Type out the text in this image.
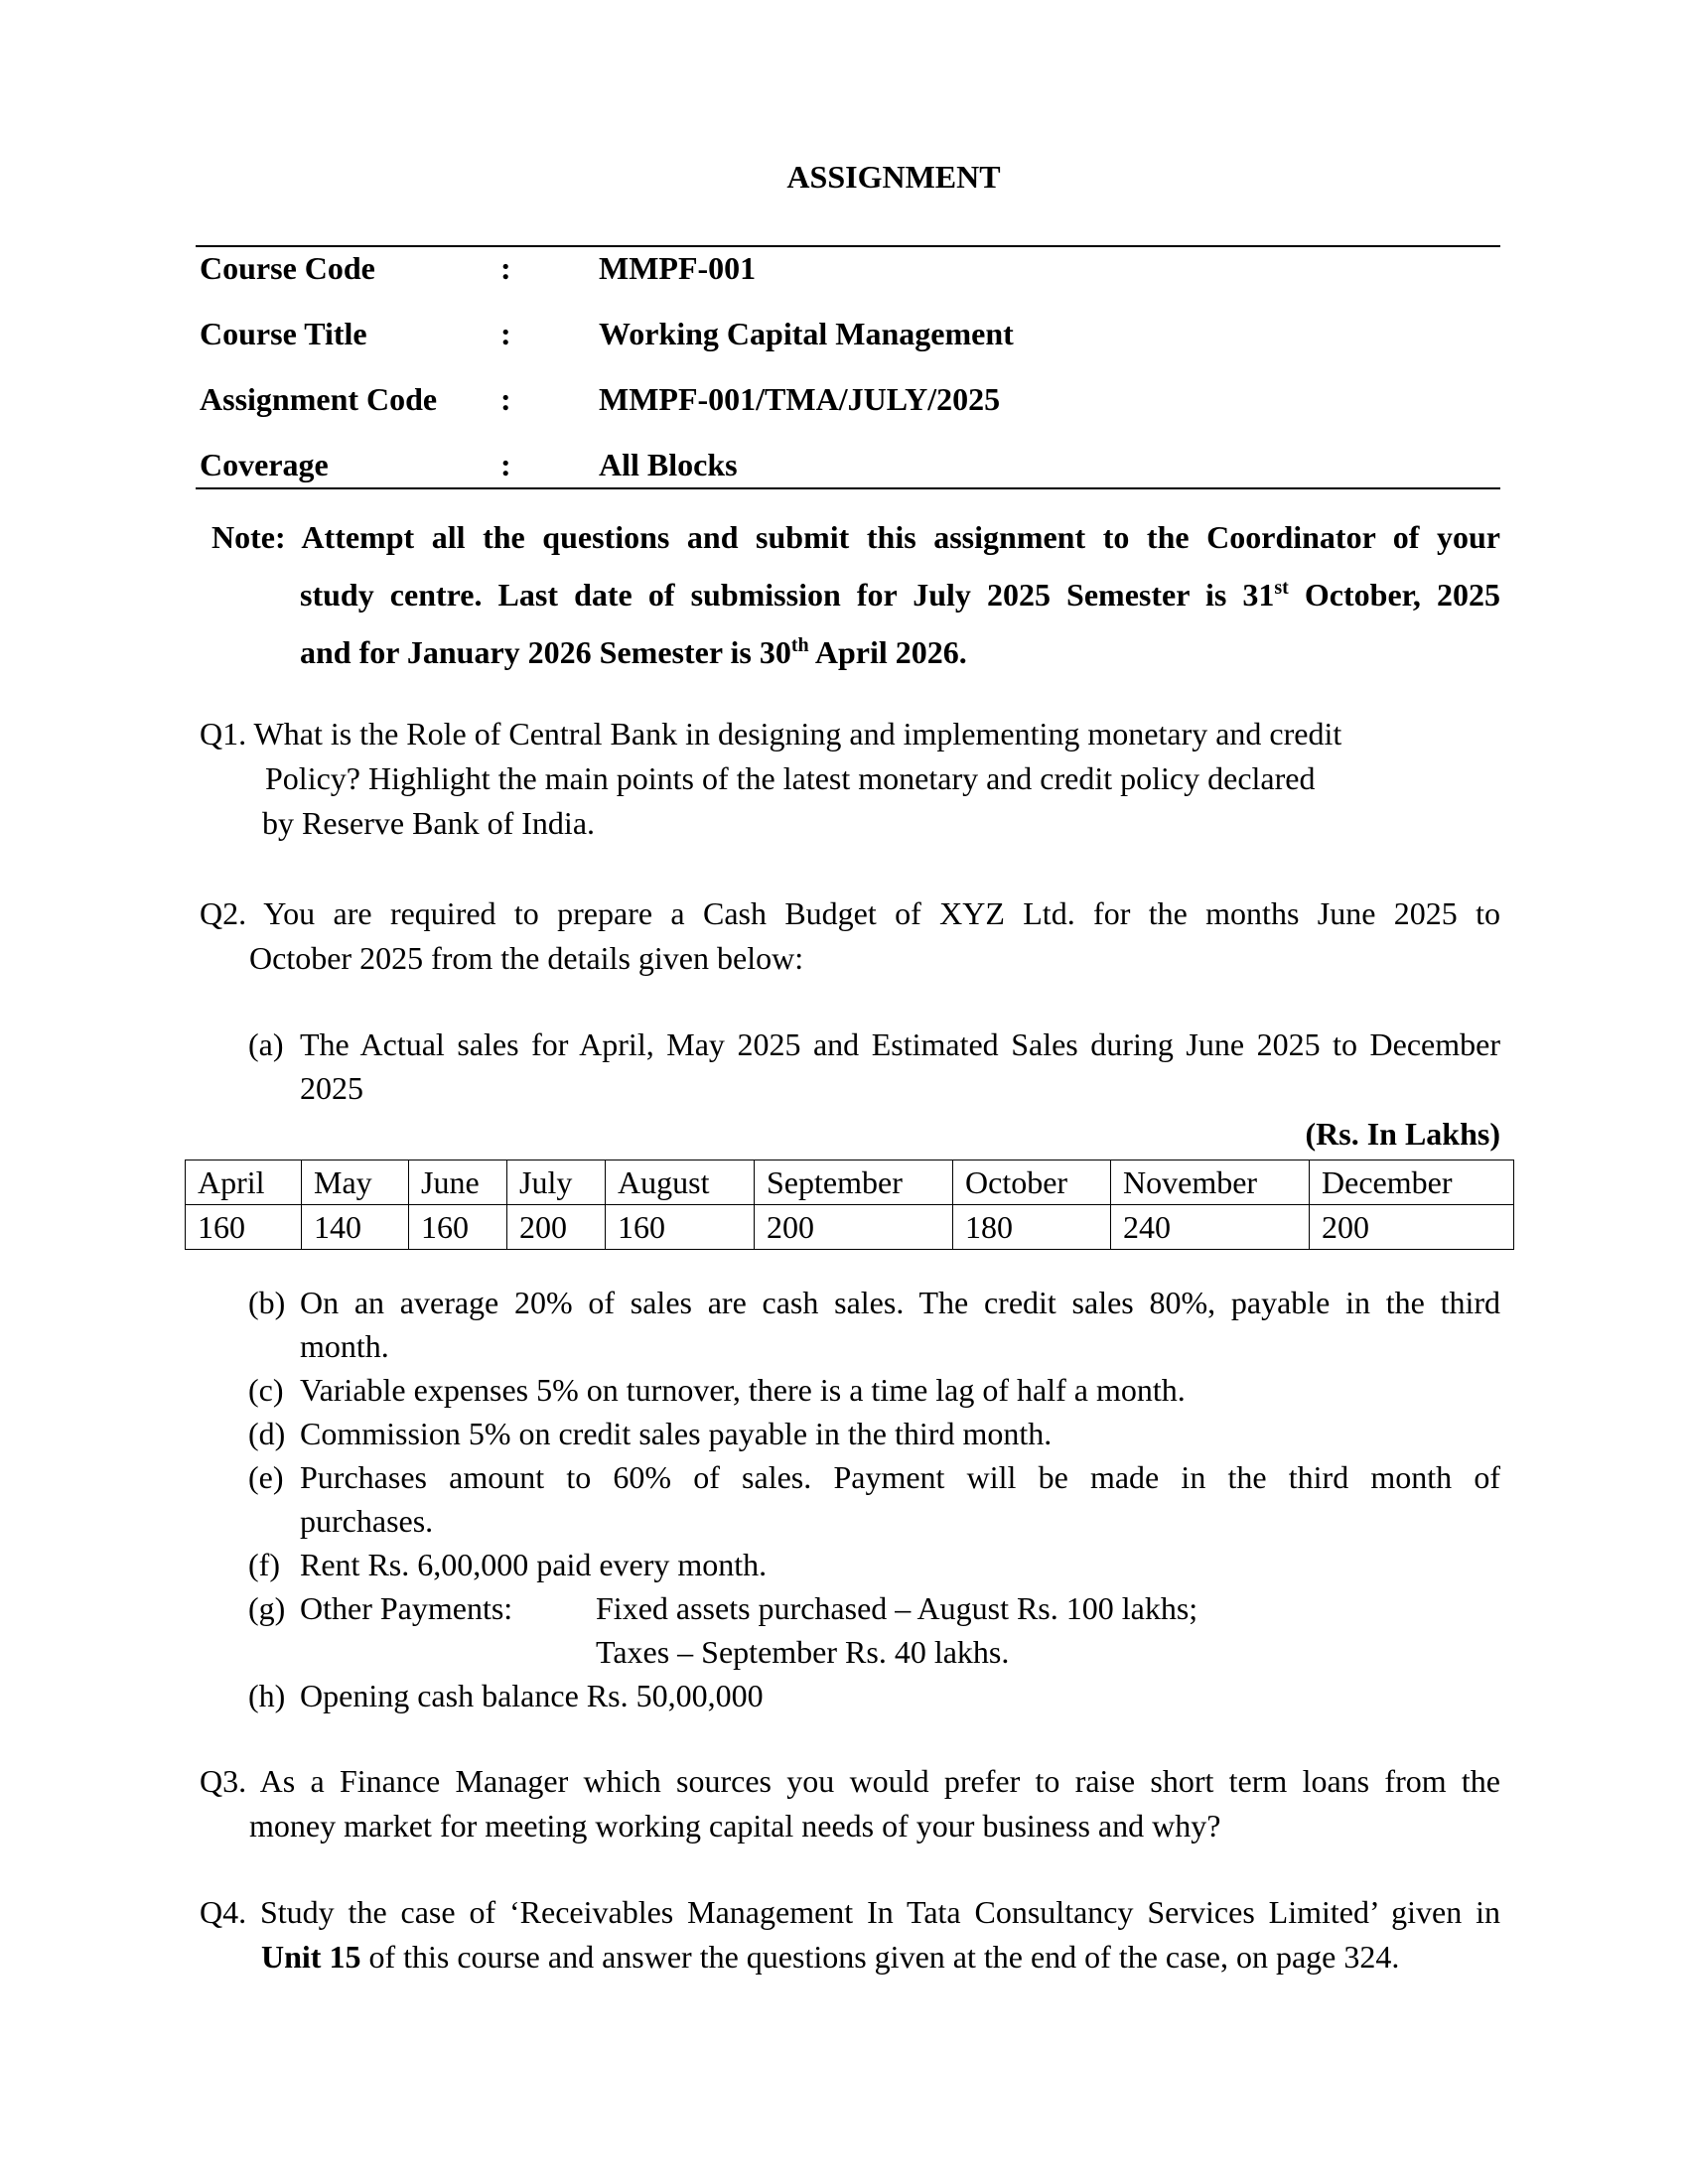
ASSIGNMENT
Course Code	:	MMPF-001
Course Title	:	Working Capital Management
Assignment Code :	MMPF-001/TMA/JULY/2025
Coverage	:	All Blocks
Note: Attempt all the questions and submit this assignment to the Coordinator of your
study centre. Last date of submission for July 2025 Semester is 31st October, 2025
and for January 2026 Semester is 30th April 2026.
Q1. What is the Role of Central Bank in designing and implementing monetary and credit
Policy? Highlight the main points of the latest monetary and credit policy declared
by Reserve Bank of India.
Q2. You are required to prepare a Cash Budget of XYZ Ltd. for the months June 2025 to
October 2025 from the details given below:
(a) The Actual sales for April, May 2025 and Estimated Sales during June 2025 to December
2025
(Rs. In Lakhs)
April	May	June	July	August	September	October	November	December
160	140	160	200	160	200	180	240	200
(b) On an average 20% of sales are cash sales. The credit sales 80%, payable in the third
month.
(c) Variable expenses 5% on turnover, there is a time lag of half a month.
(d) Commission 5% on credit sales payable in the third month.
(e) Purchases amount to 60% of sales. Payment will be made in the third month of
purchases.
(f) Rent Rs. 6,00,000 paid every month.
(g) Other Payments:	Fixed assets purchased – August Rs. 100 lakhs;
Taxes – September Rs. 40 lakhs.
(h) Opening cash balance Rs. 50,00,000
Q3. As a Finance Manager which sources you would prefer to raise short term loans from the
money market for meeting working capital needs of your business and why?
Q4. Study the case of ‘Receivables Management In Tata Consultancy Services Limited’ given in
Unit 15 of this course and answer the questions given at the end of the case, on page 324.
